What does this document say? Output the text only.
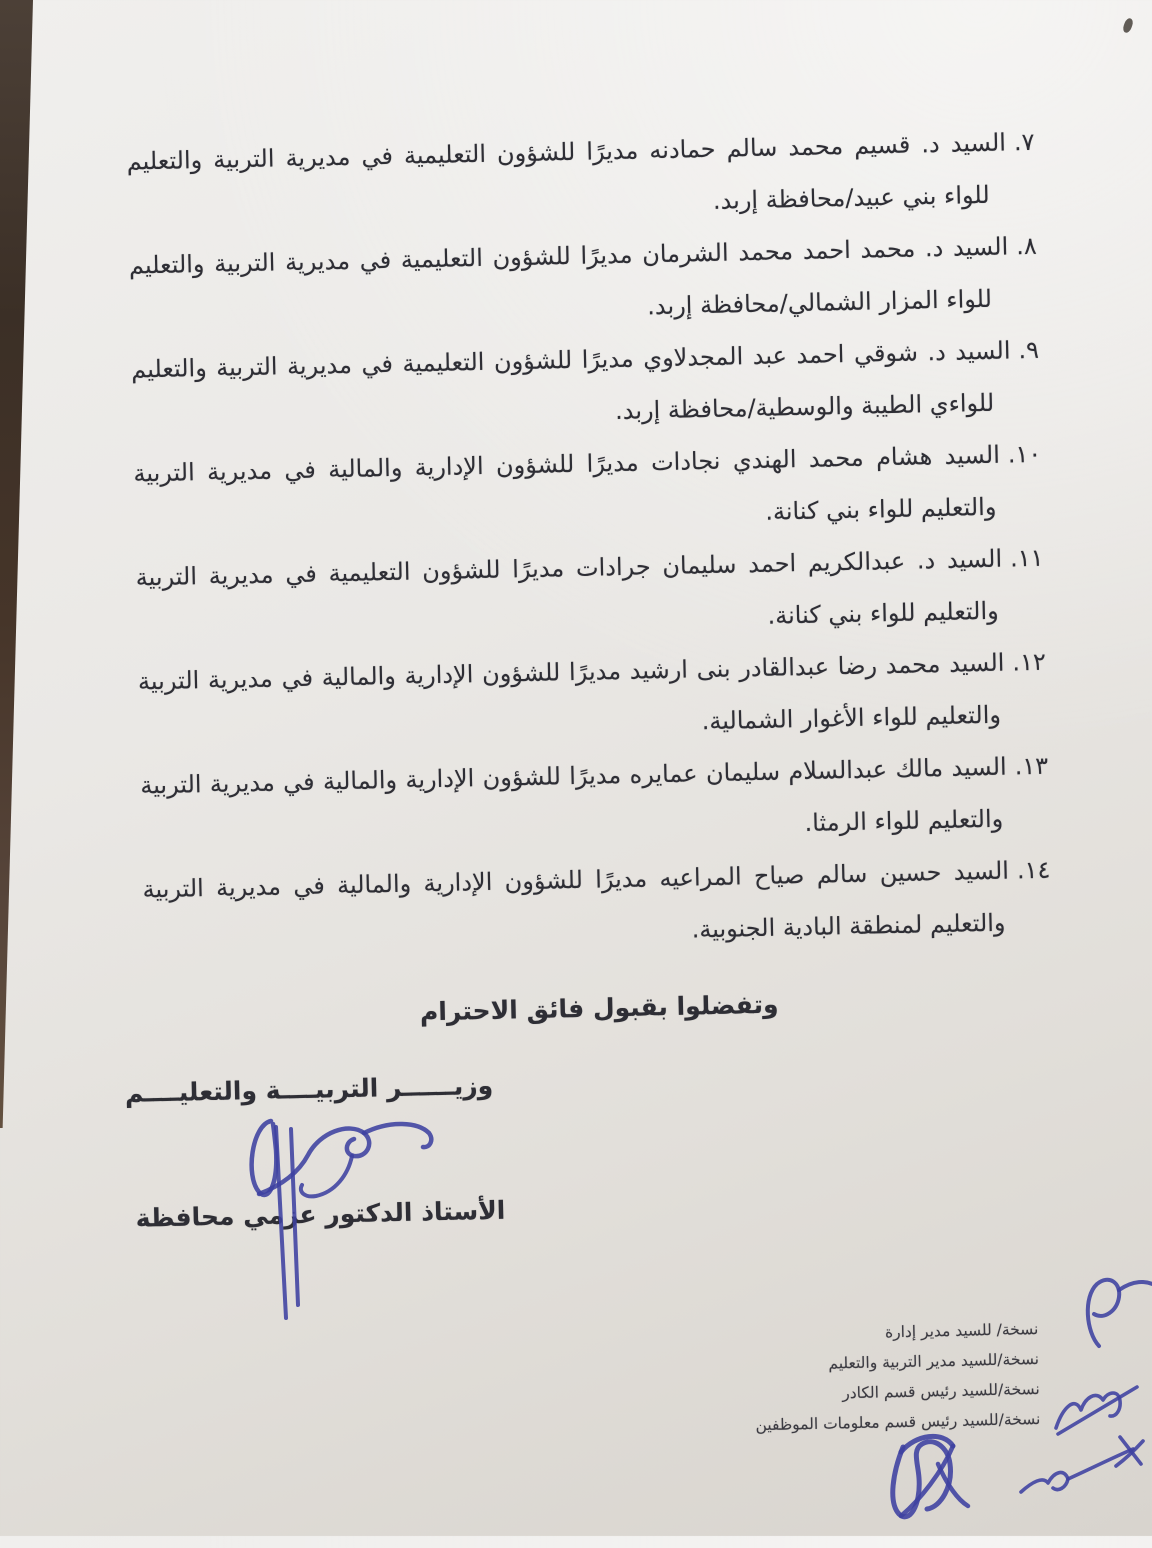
٧.السيد د. قسيم محمد سالم حمادنه مديرًا للشؤون التعليمية في مديرية التربية والتعليم للواء بني عبيد/محافظة إربد.
٨.السيد د. محمد احمد محمد الشرمان مديرًا للشؤون التعليمية في مديرية التربية والتعليم للواء المزار الشمالي/محافظة إربد.
٩.السيد د. شوقي احمد عبد المجدلاوي مديرًا للشؤون التعليمية في مديرية التربية والتعليم للواءي الطيبة والوسطية/محافظة إربد.
١٠.السيد هشام محمد الهندي نجادات مديرًا للشؤون الإدارية والمالية في مديرية التربية والتعليم للواء بني كنانة.
١١.السيد د. عبدالكريم احمد سليمان جرادات مديرًا للشؤون التعليمية في مديرية التربية والتعليم للواء بني كنانة.
١٢.السيد محمد رضا عبدالقادر بنى ارشيد مديرًا للشؤون الإدارية والمالية في مديرية التربية والتعليم للواء الأغوار الشمالية.
١٣.السيد مالك عبدالسلام سليمان عمايره مديرًا للشؤون الإدارية والمالية في مديرية التربية والتعليم للواء الرمثا.
١٤.السيد حسين سالم صياح المراعيه مديرًا للشؤون الإدارية والمالية في مديرية التربية والتعليم لمنطقة البادية الجنوبية.

وتفضلوا بقبول فائق الاحترام

وزيــــــر التربيــــة والتعليــــم

الأستاذ الدكتور عزمي محافظة

نسخة/ للسيد مدير إدارة
نسخة/للسيد مدير التربية والتعليم
نسخة/للسيد رئيس قسم الكادر
نسخة/للسيد رئيس قسم معلومات الموظفين
